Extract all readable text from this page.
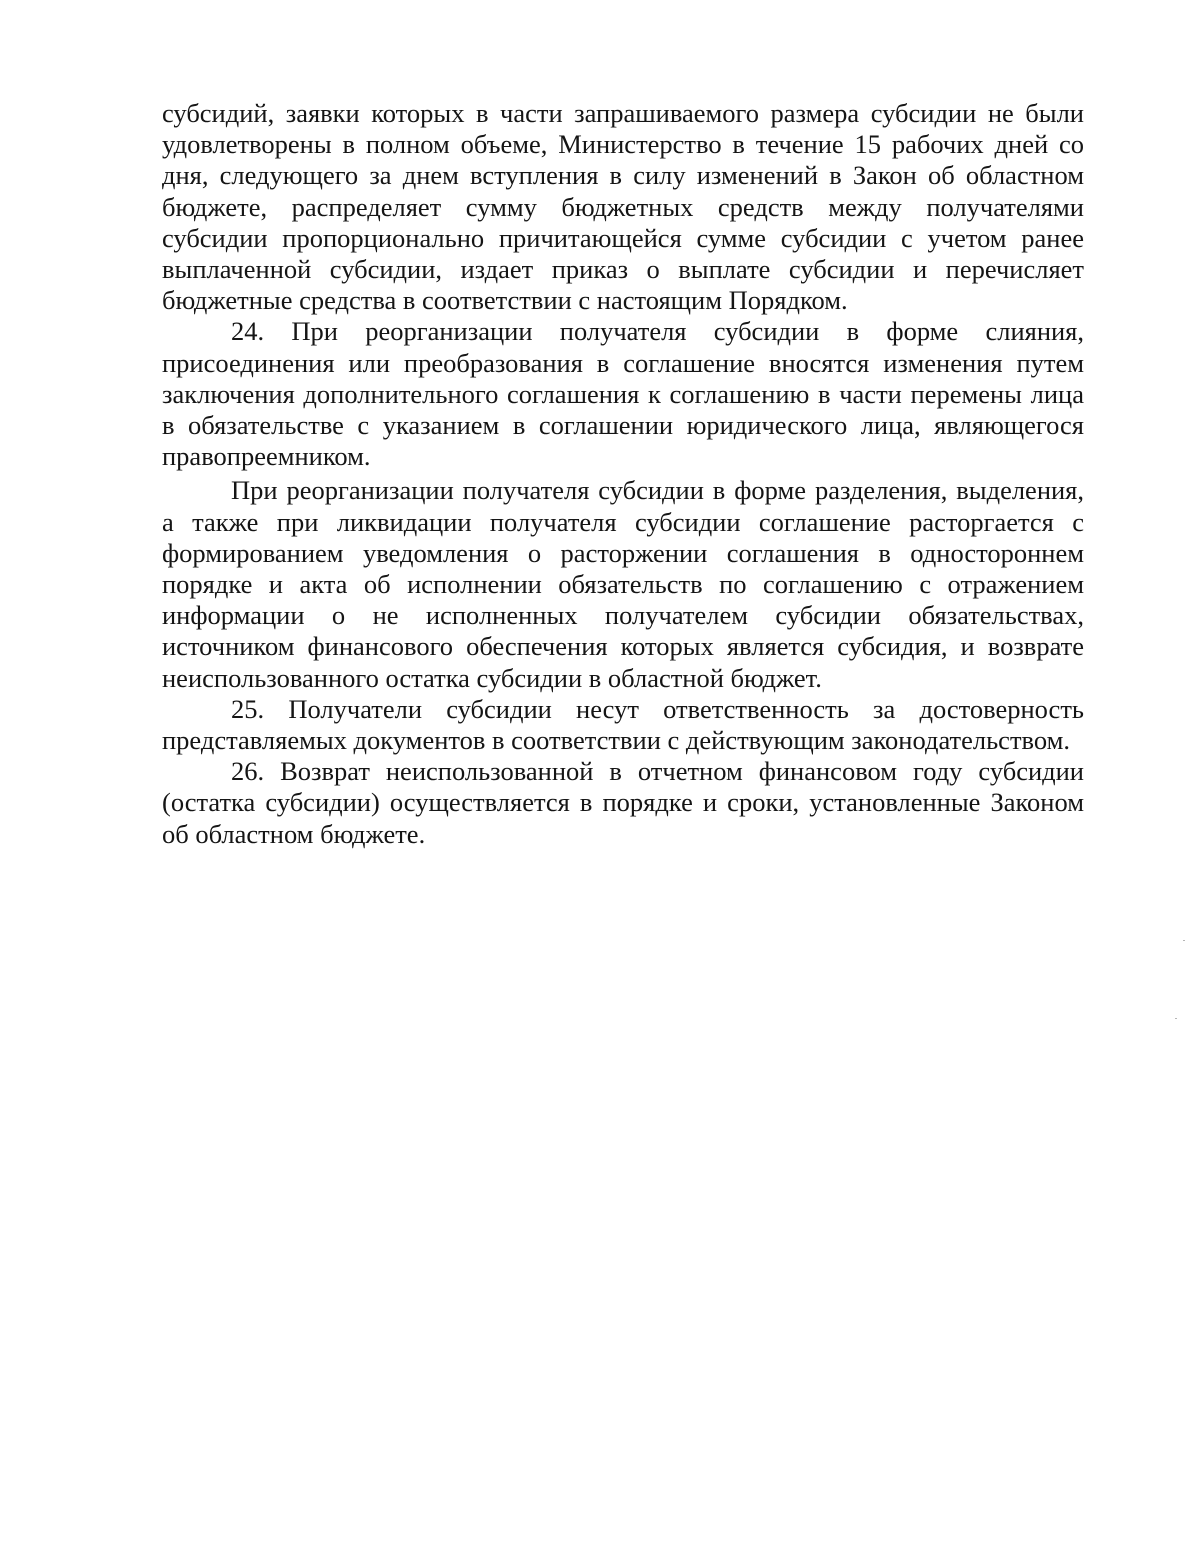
субсидий, заявки которых в части запрашиваемого размера субсидии не были удовлетворены в полном объеме, Министерство в течение 15 рабочих дней со дня, следующего за днем вступления в силу изменений в Закон об областном бюджете, распределяет сумму бюджетных средств между получателями субсидии пропорционально причитающейся сумме субсидии с учетом ранее выплаченной субсидии, издает приказ о выплате субсидии и перечисляет бюджетные средства в соответствии с настоящим Порядком.

24. При реорганизации получателя субсидии в форме слияния, присоединения или преобразования в соглашение вносятся изменения путем заключения дополнительного соглашения к соглашению в части перемены лица в обязательстве с указанием в соглашении юридического лица, являющегося правопреемником.

При реорганизации получателя субсидии в форме разделения, выделения, а также при ликвидации получателя субсидии соглашение расторгается с формированием уведомления о расторжении соглашения в одностороннем порядке и акта об исполнении обязательств по соглашению с отражением информации о не исполненных получателем субсидии обязательствах, источником финансового обеспечения которых является субсидия, и возврате неиспользованного остатка субсидии в областной бюджет.

25. Получатели субсидии несут ответственность за достоверность представляемых документов в соответствии с действующим законодательством.

26. Возврат неиспользованной в отчетном финансовом году субсидии (остатка субсидии) осуществляется в порядке и сроки, установленные Законом об областном бюджете.
